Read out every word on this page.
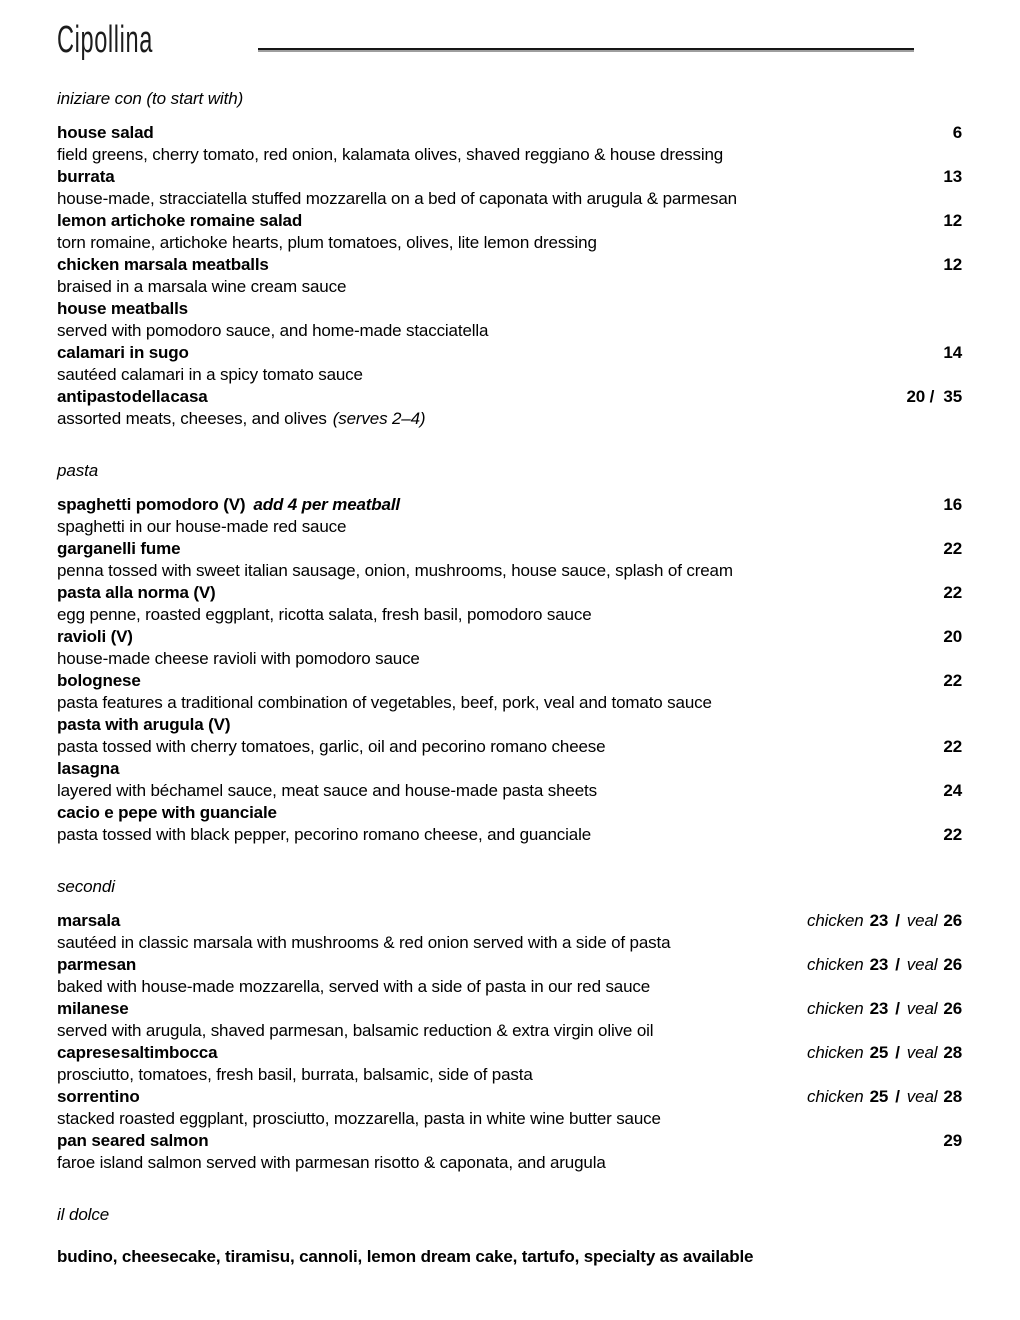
Cipollina
iniziare con (to start with)
house salad	6
field greens, cherry tomato, red onion, kalamata olives, shaved reggiano & house dressing
burrata	13
house-made, stracciatella stuffed mozzarella on a bed of caponata with arugula & parmesan
lemon artichoke romaine salad	12
torn romaine, artichoke hearts, plum tomatoes, olives, lite lemon dressing
chicken marsala meatballs	12
braised in a marsala wine cream sauce
house meatballs
served with pomodoro sauce, and home-made stacciatella
calamari in sugo	14
sautéed calamari in a spicy tomato sauce
antipasto della casa	20 /  35
assorted meats, cheeses, and olives (serves 2–4)
pasta
spaghetti pomodoro (V) add 4 per meatball	16
spaghetti in our house-made red sauce
garganelli fume	22
penna tossed with sweet italian sausage, onion, mushrooms, house sauce, splash of cream
pasta alla norma (V)	22
egg penne, roasted eggplant, ricotta salata, fresh basil, pomodoro sauce
ravioli (V)	20
house-made cheese ravioli with pomodoro sauce
bolognese	22
pasta features a traditional combination of vegetables, beef, pork, veal and tomato sauce
pasta with arugula (V)
pasta tossed with cherry tomatoes, garlic, oil and pecorino romano cheese	22
lasagna
layered with béchamel sauce, meat sauce and house-made pasta sheets	24
cacio e pepe with guanciale
pasta tossed with black pepper, pecorino romano cheese, and guanciale	22
secondi
marsala	chicken 23 / veal 26
sautéed in classic marsala with mushrooms & red onion served with a side of pasta
parmesan	chicken 23 / veal 26
baked with house-made mozzarella, served with a side of pasta in our red sauce
milanese	chicken 23 / veal 26
served with arugula, shaved parmesan, balsamic reduction & extra virgin olive oil
caprese saltimbocca	chicken 25 / veal 28
prosciutto, tomatoes, fresh basil, burrata, balsamic, side of pasta
sorrentino	chicken 25 / veal 28
stacked roasted eggplant, prosciutto, mozzarella, pasta in white wine butter sauce
pan seared salmon	29
faroe island salmon served with parmesan risotto & caponata, and arugula
il dolce
budino, cheesecake, tiramisu, cannoli, lemon dream cake, tartufo, specialty as available
